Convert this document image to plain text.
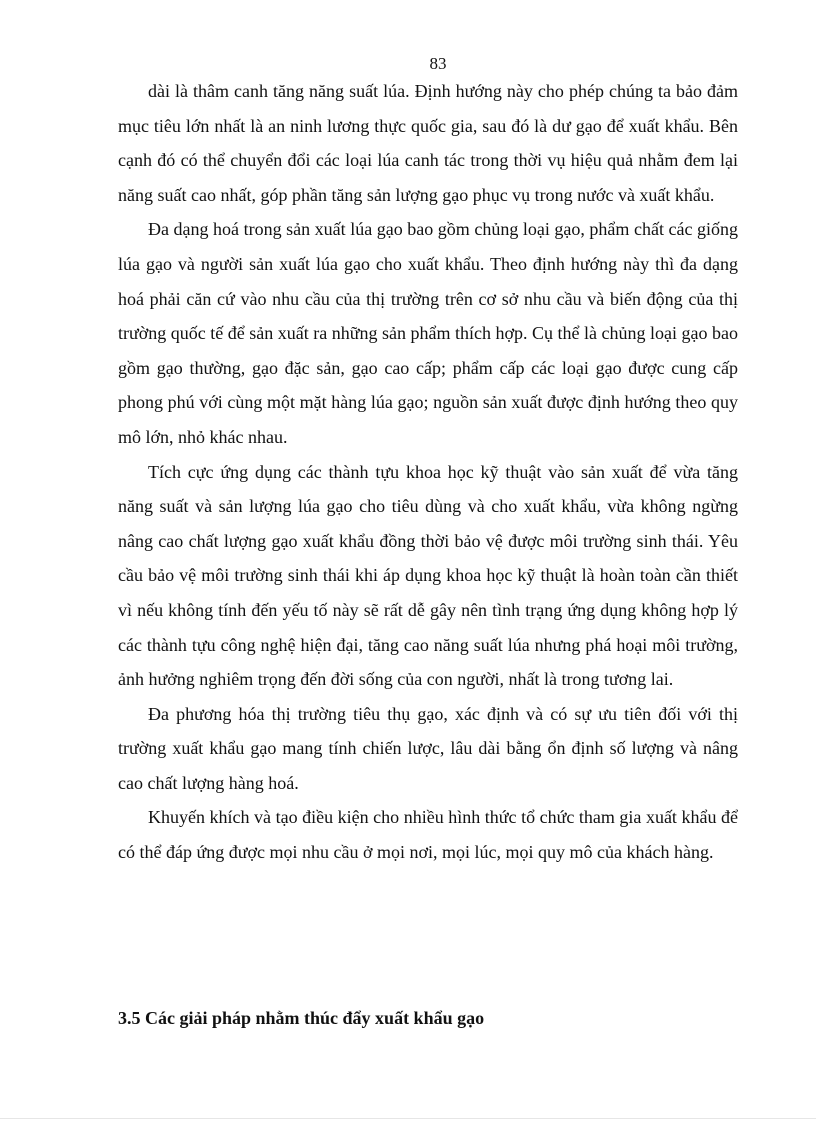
83

dài là thâm canh tăng năng suất lúa. Định hướng này cho phép chúng ta bảo đảm mục tiêu lớn nhất là an ninh lương thực quốc gia, sau đó là dư gạo để xuất khẩu. Bên cạnh đó có thể chuyển đổi các loại lúa canh tác trong thời vụ hiệu quả nhằm đem lại năng suất cao nhất, góp phần tăng sản lượng gạo phục vụ trong nước và xuất khẩu.

Đa dạng hoá trong sản xuất lúa gạo bao gồm chủng loại gạo, phẩm chất các giống lúa gạo và người sản xuất lúa gạo cho xuất khẩu. Theo định hướng này thì đa dạng hoá phải căn cứ vào nhu cầu của thị trường trên cơ sở nhu cầu và biến động của thị trường quốc tế để sản xuất ra những sản phẩm thích hợp. Cụ thể là chủng loại gạo bao gồm gạo thường, gạo đặc sản, gạo cao cấp; phẩm cấp các loại gạo được cung cấp phong phú với cùng một mặt hàng lúa gạo; nguồn sản xuất được định hướng theo quy mô lớn, nhỏ khác nhau.

Tích cực ứng dụng các thành tựu khoa học kỹ thuật vào sản xuất để vừa tăng năng suất và sản lượng lúa gạo cho tiêu dùng và cho xuất khẩu, vừa không ngừng nâng cao chất lượng gạo xuất khẩu đồng thời bảo vệ được môi trường sinh thái. Yêu cầu bảo vệ môi trường sinh thái khi áp dụng khoa học kỹ thuật là hoàn toàn cần thiết vì nếu không tính đến yếu tố này sẽ rất dễ gây nên tình trạng ứng dụng không hợp lý các thành tựu công nghệ hiện đại, tăng cao năng suất lúa nhưng phá hoại môi trường, ảnh hưởng nghiêm trọng đến đời sống của con người, nhất là trong tương lai.

Đa phương hóa thị trường tiêu thụ gạo, xác định và có sự ưu tiên đối với thị trường xuất khẩu gạo mang tính chiến lược, lâu dài bằng ổn định số lượng và nâng cao chất lượng hàng hoá.

Khuyến khích và tạo điều kiện cho nhiều hình thức tổ chức tham gia xuất khẩu để có thể đáp ứng được mọi nhu cầu ở mọi nơi, mọi lúc, mọi quy mô của khách hàng.

3.5 Các giải pháp nhằm thúc đẩy xuất khẩu gạo
